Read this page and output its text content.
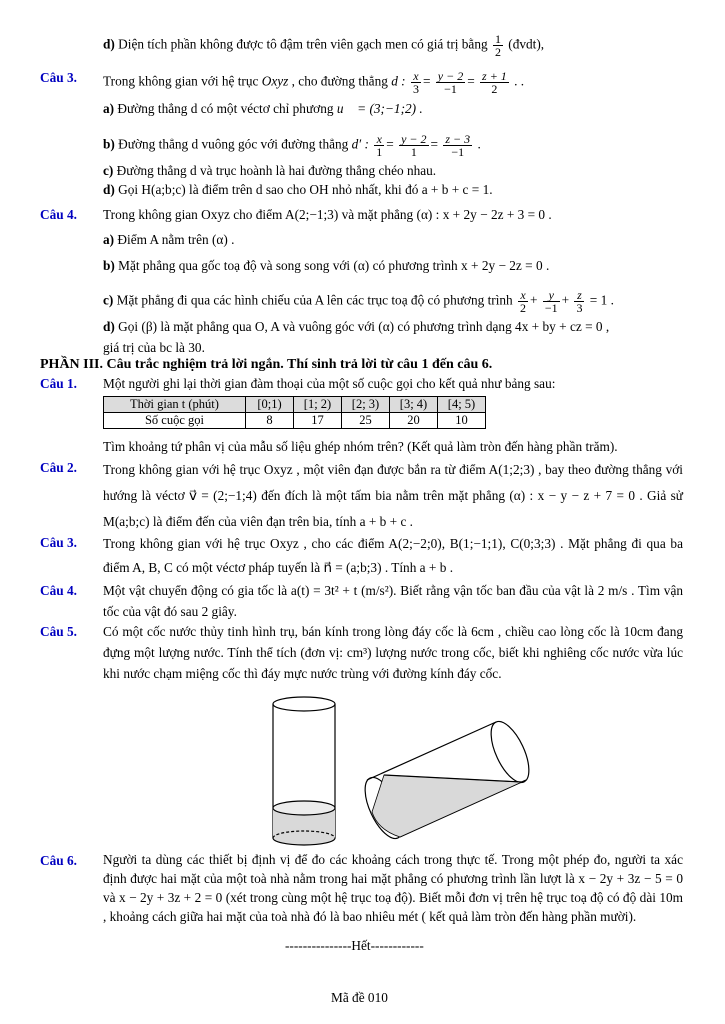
d) Diện tích phần không được tô đậm trên viên gạch men có giá trị bằng $\frac{1}{2}$ (đvdt),
Câu 3. Trong không gian với hệ trục Oxyz , cho đường thẳng d : $\frac{x}{3} = \frac{y - 2}{-1} = \frac{z + 1}{2}$ . .
a) Đường thẳng d có một véctơ chỉ phương u⃗ = (3;−1;2) .
b) Đường thẳng d vuông góc với đường thẳng d′ : $\frac{x}{1} = \frac{y - 2}{1} = \frac{z - 3}{-1}$ .
c) Đường thẳng d và trục hoành là hai đường thẳng chéo nhau.
d) Gọi H(a;b;c) là điểm trên d sao cho OH nhỏ nhất, khi đó a + b + c = 1.
Câu 4. Trong không gian Oxyz cho điểm A(2;−1;3) và mặt phẳng (α) : x + 2y − 2z + 3 = 0 .
a) Điểm A nằm trên (α) .
b) Mặt phẳng qua gốc toạ độ và song song với (α) có phương trình x + 2y − 2z = 0 .
c) Mặt phẳng đi qua các hình chiếu của A lên các trục toạ độ có phương trình $\frac{x}{2} + \frac{y}{-1} + \frac{z}{3} = 1$ .
d) Gọi (β) là mặt phẳng qua O, A và vuông góc với (α) có phương trình dạng 4x + by + cz = 0 ,
giá trị của bc là 30.
PHẦN III. Câu trắc nghiệm trả lời ngắn. Thí sinh trả lời từ câu 1 đến câu 6.
Câu 1. Một người ghi lại thời gian đàm thoại của một số cuộc gọi cho kết quả như bảng sau:
Thời gian t (phút)	[0;1)	[1; 2)	[2; 3)	[3; 4)	[4; 5)
Số cuộc gọi	8	17	25	20	10
Tìm khoảng tứ phân vị của mẫu số liệu ghép nhóm trên? (Kết quả làm tròn đến hàng phần trăm).
Câu 2. Trong không gian với hệ trục Oxyz , một viên đạn được bắn ra từ điểm A(1;2;3) , bay theo đường thẳng với hướng là véctơ v⃗ = (2;−1;4) đến đích là một tấm bia nằm trên mặt phẳng (α) : x − y − z + 7 = 0 . Giả sử M(a;b;c) là điểm đến của viên đạn trên bia, tính a + b + c .
Câu 3. Trong không gian với hệ trục Oxyz , cho các điểm A(2;−2;0), B(1;−1;1), C(0;3;3) . Mặt phẳng đi qua ba điểm A, B, C có một véctơ pháp tuyến là n⃗ = (a;b;3) . Tính a + b .
Câu 4. Một vật chuyển động có gia tốc là a(t) = 3t² + t (m/s²). Biết rằng vận tốc ban đầu của vật là 2 m/s . Tìm vận tốc của vật đó sau 2 giây.
Câu 5. Có một cốc nước thủy tinh hình trụ, bán kính trong lòng đáy cốc là 6cm , chiều cao lòng cốc là 10cm đang đựng một lượng nước. Tính thể tích (đơn vị: cm³) lượng nước trong cốc, biết khi nghiêng cốc nước vừa lúc khi nước chạm miệng cốc thì đáy mực nước trùng với đường kính đáy cốc.
Câu 6. Người ta dùng các thiết bị định vị để đo các khoảng cách trong thực tế. Trong một phép đo, người ta xác định được hai mặt của một toà nhà nằm trong hai mặt phẳng có phương trình lần lượt là x − 2y + 3z − 5 = 0 và x − 2y + 3z + 2 = 0 (xét trong cùng một hệ trục toạ độ). Biết mỗi đơn vị trên hệ trục toạ độ có độ dài 10m , khoảng cách giữa hai mặt của toà nhà đó là bao nhiêu mét ( kết quả làm tròn đến hàng phần mười).
---------------Hết------------
Mã đề 010
